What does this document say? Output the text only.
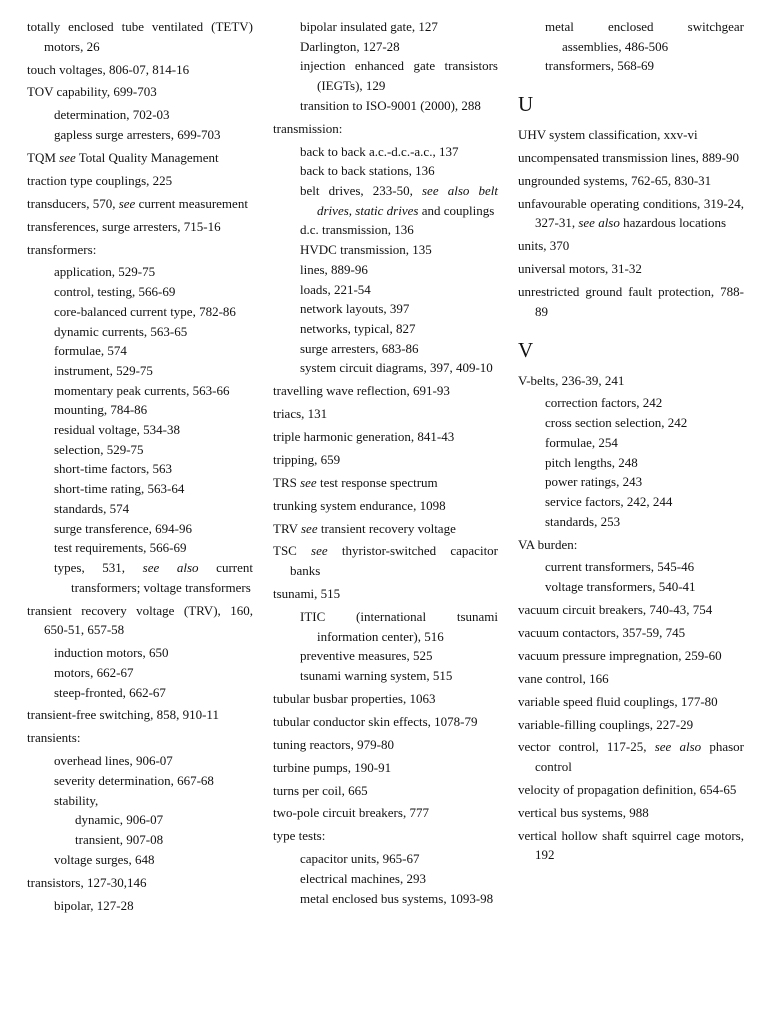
totally enclosed tube ventilated (TETV) motors, 26
touch voltages, 806-07, 814-16
TOV capability, 699-703
determination, 702-03
gapless surge arresters, 699-703
TQM see Total Quality Management
traction type couplings, 225
transducers, 570, see current measurement
transferences, surge arresters, 715-16
transformers:
application, 529-75
control, testing, 566-69
core-balanced current type, 782-86
dynamic currents, 563-65
formulae, 574
instrument, 529-75
momentary peak currents, 563-66
mounting, 784-86
residual voltage, 534-38
selection, 529-75
short-time factors, 563
short-time rating, 563-64
standards, 574
surge transference, 694-96
test requirements, 566-69
types, 531, see also current transformers; voltage transformers
transient recovery voltage (TRV), 160, 650-51, 657-58
induction motors, 650
motors, 662-67
steep-fronted, 662-67
transient-free switching, 858, 910-11
transients:
overhead lines, 906-07
severity determination, 667-68
stability,
dynamic, 906-07
transient, 907-08
voltage surges, 648
transistors, 127-30,146
bipolar, 127-28
bipolar insulated gate, 127
Darlington, 127-28
injection enhanced gate transistors (IEGTs), 129
transition to ISO-9001 (2000), 288
transmission:
back to back a.c.-d.c.-a.c., 137
back to back stations, 136
belt drives, 233-50, see also belt drives, static drives and couplings
d.c. transmission, 136
HVDC transmission, 135
lines, 889-96
loads, 221-54
network layouts, 397
networks, typical, 827
surge arresters, 683-86
system circuit diagrams, 397, 409-10
travelling wave reflection, 691-93
triacs, 131
triple harmonic generation, 841-43
tripping, 659
TRS see test response spectrum
trunking system endurance, 1098
TRV see transient recovery voltage
TSC see thyristor-switched capacitor banks
tsunami, 515
ITIC (international tsunami information center), 516
preventive measures, 525
tsunami warning system, 515
tubular busbar properties, 1063
tubular conductor skin effects, 1078-79
tuning reactors, 979-80
turbine pumps, 190-91
turns per coil, 665
two-pole circuit breakers, 777
type tests:
capacitor units, 965-67
electrical machines, 293
metal enclosed bus systems, 1093-98
metal enclosed switchgear assemblies, 486-506
transformers, 568-69
U
UHV system classification, xxv-vi
uncompensated transmission lines, 889-90
ungrounded systems, 762-65, 830-31
unfavourable operating conditions, 319-24, 327-31, see also hazardous locations
units, 370
universal motors, 31-32
unrestricted ground fault protection, 788-89
V
V-belts, 236-39, 241
correction factors, 242
cross section selection, 242
formulae, 254
pitch lengths, 248
power ratings, 243
service factors, 242, 244
standards, 253
VA burden:
current transformers, 545-46
voltage transformers, 540-41
vacuum circuit breakers, 740-43, 754
vacuum contactors, 357-59, 745
vacuum pressure impregnation, 259-60
vane control, 166
variable speed fluid couplings, 177-80
variable-filling couplings, 227-29
vector control, 117-25, see also phasor control
velocity of propagation definition, 654-65
vertical bus systems, 988
vertical hollow shaft squirrel cage motors, 192
